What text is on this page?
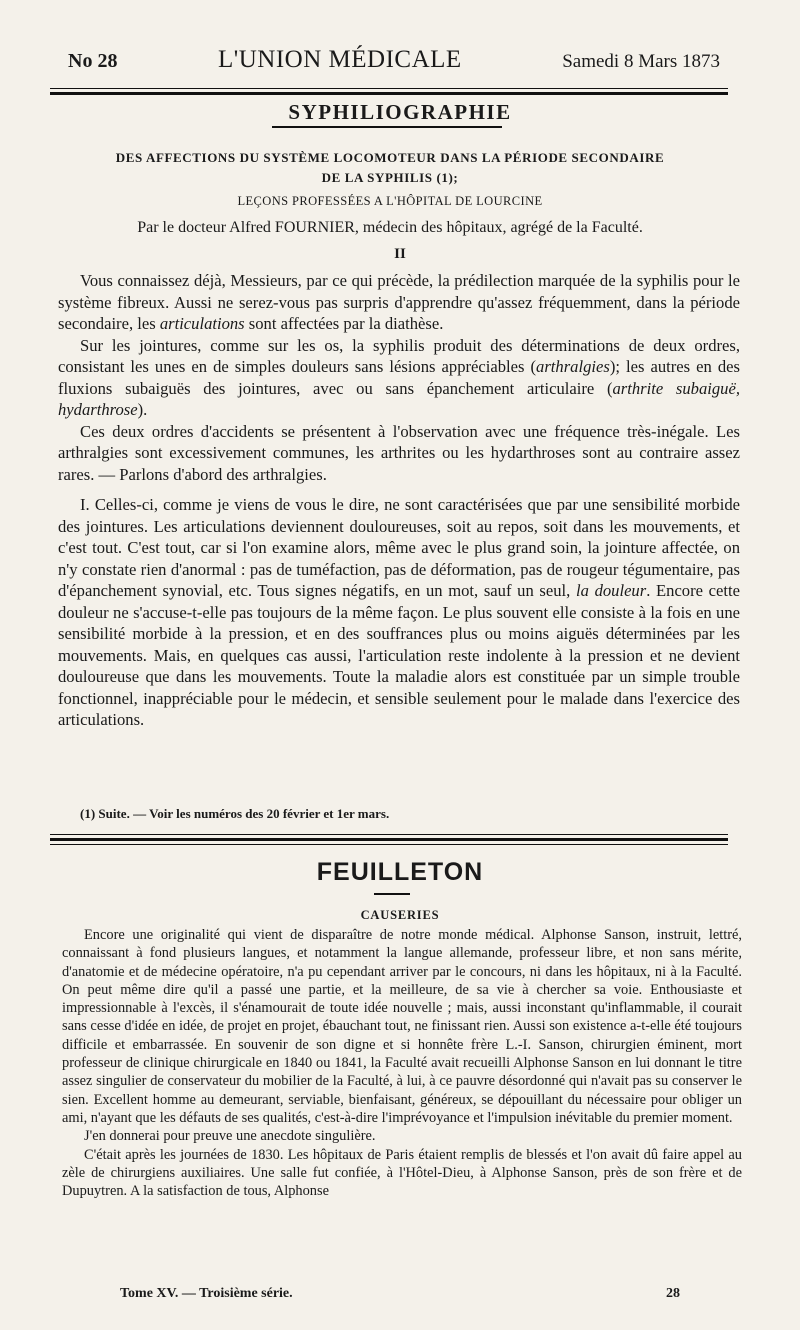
No 28	L'UNION MÉDICALE	Samedi 8 Mars 1873
SYPHILIOGRAPHIE
DES AFFECTIONS DU SYSTÈME LOCOMOTEUR DANS LA PÉRIODE SECONDAIRE
DE LA SYPHILIS (1);
LEÇONS PROFESSÉES A L'HÔPITAL DE LOURCINE
Par le docteur Alfred FOURNIER, médecin des hôpitaux, agrégé de la Faculté.
II

Vous connaissez déjà, Messieurs, par ce qui précède, la prédilection marquée de la syphilis pour le système fibreux. Aussi ne serez-vous pas surpris d'apprendre qu'assez fréquemment, dans la période secondaire, les articulations sont affectées par la diathèse.

Sur les jointures, comme sur les os, la syphilis produit des déterminations de deux ordres, consistant les unes en de simples douleurs sans lésions appréciables (arthralgies); les autres en des fluxions subaiguës des jointures, avec ou sans épanchement articulaire (arthrite subaiguë, hydarthrose).

Ces deux ordres d'accidents se présentent à l'observation avec une fréquence très-inégale. Les arthralgies sont excessivement communes, les arthrites ou les hydarthroses sont au contraire assez rares. — Parlons d'abord des arthralgies.

I. Celles-ci, comme je viens de vous le dire, ne sont caractérisées que par une sensibilité morbide des jointures. Les articulations deviennent douloureuses, soit au repos, soit dans les mouvements, et c'est tout. C'est tout, car si l'on examine alors, même avec le plus grand soin, la jointure affectée, on n'y constate rien d'anormal : pas de tuméfaction, pas de déformation, pas de rougeur tégumentaire, pas d'épanchement synovial, etc. Tous signes négatifs, en un mot, sauf un seul, la douleur. Encore cette douleur ne s'accuse-t-elle pas toujours de la même façon. Le plus souvent elle consiste à la fois en une sensibilité morbide à la pression, et en des souffrances plus ou moins aiguës déterminées par les mouvements. Mais, en quelques cas aussi, l'articulation reste indolente à la pression et ne devient douloureuse que dans les mouvements. Toute la maladie alors est constituée par un simple trouble fonctionnel, inappréciable pour le médecin, et sensible seulement pour le malade dans l'exercice des articulations.

(1) Suite. — Voir les numéros des 20 février et 1er mars.
FEUILLETON
CAUSERIES

Encore une originalité qui vient de disparaître de notre monde médical. Alphonse Sanson, instruit, lettré, connaissant à fond plusieurs langues, et notamment la langue allemande, professeur libre, et non sans mérite, d'anatomie et de médecine opératoire, n'a pu cependant arriver par le concours, ni dans les hôpitaux, ni à la Faculté. On peut même dire qu'il a passé une partie, et la meilleure, de sa vie à chercher sa voie. Enthousiaste et impressionnable à l'excès, il s'énamourait de toute idée nouvelle ; mais, aussi inconstant qu'inflammable, il courait sans cesse d'idée en idée, de projet en projet, ébauchant tout, ne finissant rien. Aussi son existence a-t-elle été toujours difficile et embarrassée. En souvenir de son digne et si honnête frère L.-I. Sanson, chirurgien éminent, mort professeur de clinique chirurgicale en 1840 ou 1841, la Faculté avait recueilli Alphonse Sanson en lui donnant le titre assez singulier de conservateur du mobilier de la Faculté, à lui, à ce pauvre désordonné qui n'avait pas su conserver le sien. Excellent homme au demeurant, serviable, bienfaisant, généreux, se dépouillant du nécessaire pour obliger un ami, n'ayant que les défauts de ses qualités, c'est-à-dire l'imprévoyance et l'impulsion inévitable du premier moment.

J'en donnerai pour preuve une anecdote singulière.

C'était après les journées de 1830. Les hôpitaux de Paris étaient remplis de blessés et l'on avait dû faire appel au zèle de chirurgiens auxiliaires. Une salle fut confiée, à l'Hôtel-Dieu, à Alphonse Sanson, près de son frère et de Dupuytren. A la satisfaction de tous, Alphonse

Tome XV. — Troisième série.	28
